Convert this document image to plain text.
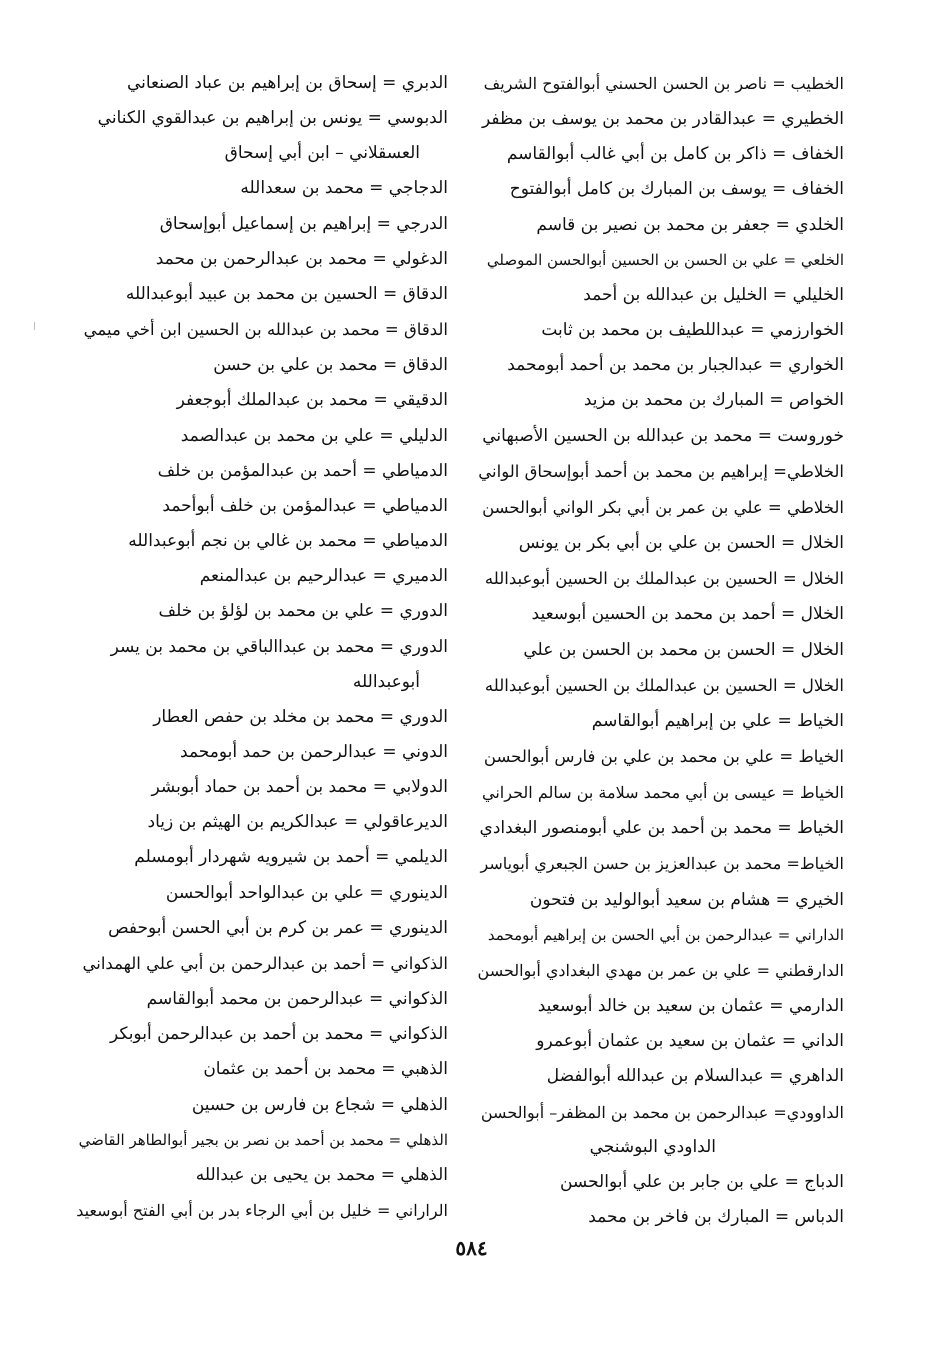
الخطيب = ناصر بن الحسن الحسني أبوالفتوح الشريف

الخطيري = عبدالقادر بن محمد بن يوسف بن مظفر

الخفاف = ذاكر بن كامل بن أبي غالب أبوالقاسم

الخفاف = يوسف بن المبارك بن كامل أبوالفتوح

الخلدي = جعفر بن محمد بن نصير بن قاسم

الخلعي = علي بن الحسن بن الحسين أبوالحسن الموصلي

الخليلي = الخليل بن عبدالله بن أحمد

الخوارزمي = عبداللطيف بن محمد بن ثابت

الخواري = عبدالجبار بن محمد بن أحمد أبومحمد

الخواص = المبارك بن محمد بن مزيد

خوروست = محمد بن عبدالله بن الحسين الأصبهاني

الخلاطي= إبراهيم بن محمد بن أحمد أبوإسحاق الواني

الخلاطي = علي بن عمر بن أبي بكر الواني أبوالحسن

الخلال = الحسن بن علي بن أبي بكر بن يونس

الخلال = الحسين بن عبدالملك بن الحسين أبوعبدالله

الخلال = أحمد بن محمد بن الحسين أبوسعيد

الخلال = الحسن بن محمد بن الحسن بن علي

الخلال = الحسين بن عبدالملك بن الحسين أبوعبدالله

الخياط = علي بن إبراهيم أبوالقاسم

الخياط = علي بن محمد بن علي بن فارس أبوالحسن

الخياط = عيسى بن أبي محمد سلامة بن سالم الحراني

الخياط = محمد بن أحمد بن علي أبومنصور البغدادي

الخياط= محمد بن عبدالعزيز بن حسن الجبعري أبوياسر

الخيري = هشام بن سعيد أبوالوليد بن فتحون

الداراني = عبدالرحمن بن أبي الحسن بن إبراهيم أبومحمد

الدارقطني = علي بن عمر بن مهدي البغدادي أبوالحسن

الدارمي = عثمان بن سعيد بن خالد أبوسعيد

الداني = عثمان بن سعيد بن عثمان أبوعمرو

الداهري = عبدالسلام بن عبدالله أبوالفضل

الداوودي= عبدالرحمن بن محمد بن المظفر– أبوالحسن
الداودي البوشنجي

الدباج = علي بن جابر بن علي أبوالحسن

الدباس = المبارك بن فاخر بن محمد

الدبري = إسحاق بن إبراهيم بن عباد الصنعاني

الدبوسي = يونس بن إبراهيم بن عبدالقوي الكناني
العسقلاني – ابن أبي إسحاق

الدجاجي = محمد بن سعدالله

الدرجي = إبراهيم بن إسماعيل أبوإسحاق

الدغولي = محمد بن عبدالرحمن بن محمد

الدقاق = الحسين بن محمد بن عبيد أبوعبدالله

الدقاق = محمد بن عبدالله بن الحسين ابن أخي ميمي

الدقاق = محمد بن علي بن حسن

الدقيقي = محمد بن عبدالملك أبوجعفر

الدليلي = علي بن محمد بن عبدالصمد

الدمياطي = أحمد بن عبدالمؤمن بن خلف

الدمياطي = عبدالمؤمن بن خلف أبوأحمد

الدمياطي = محمد بن غالي بن نجم أبوعبدالله

الدميري = عبدالرحيم بن عبدالمنعم

الدوري = علي بن محمد بن لؤلؤ بن خلف

الدوري = محمد بن عبداالباقي بن محمد بن يسر
أبوعبدالله

الدوري = محمد بن مخلد بن حفص العطار

الدوني = عبدالرحمن بن حمد أبومحمد

الدولابي = محمد بن أحمد بن حماد أبوبشر

الديرعاقولي = عبدالكريم بن الهيثم بن زياد

الديلمي = أحمد بن شيرويه شهردار أبومسلم

الدينوري = علي بن عبدالواحد أبوالحسن

الدينوري = عمر بن كرم بن أبي الحسن أبوحفص

الذكواني = أحمد بن عبدالرحمن بن أبي علي الهمداني

الذكواني = عبدالرحمن بن محمد أبوالقاسم

الذكواني = محمد بن أحمد بن عبدالرحمن أبوبكر

الذهبي = محمد بن أحمد بن عثمان

الذهلي = شجاع بن فارس بن حسين

الذهلي = محمد بن أحمد بن نصر بن بجير أبوالطاهر القاضي

الذهلي = محمد بن يحيى بن عبدالله

الراراني = خليل بن أبي الرجاء بدر بن أبي الفتح أبوسعيد

٥٨٤
